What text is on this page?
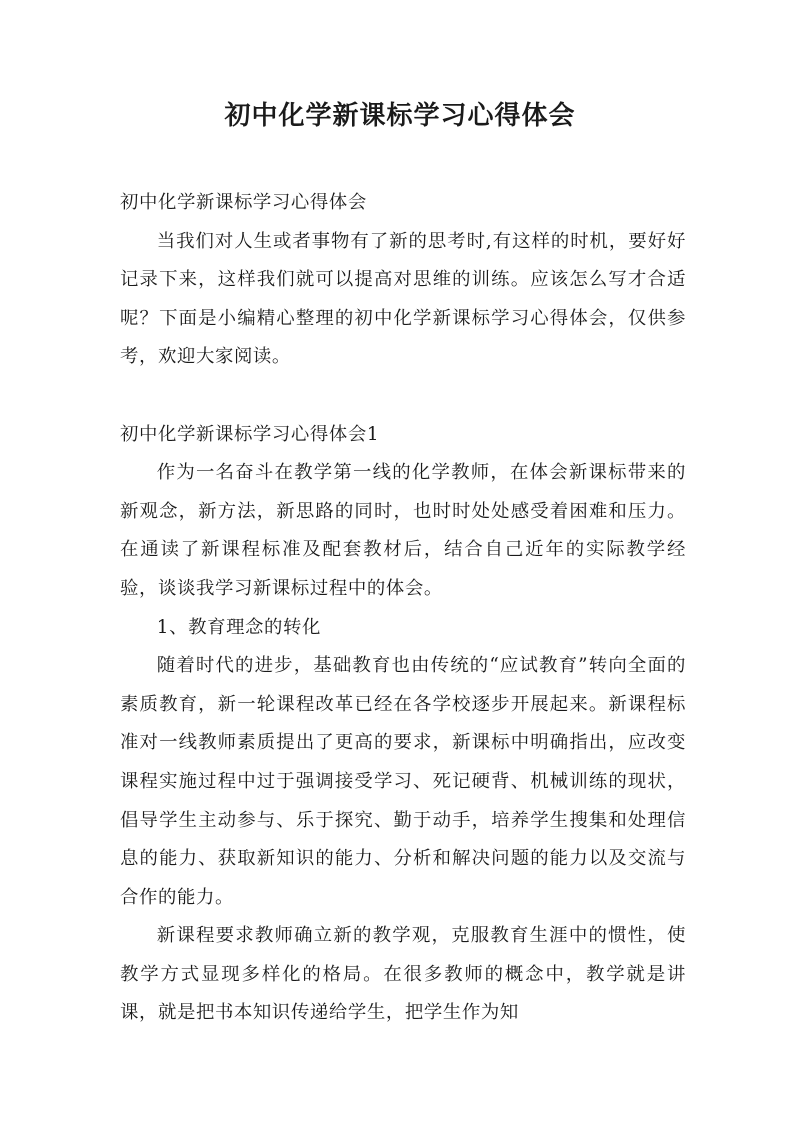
初中化学新课标学习心得体会

初中化学新课标学习心得体会

当我们对人生或者事物有了新的思考时,有这样的时机，要好好记录下来，这样我们就可以提高对思维的训练。应该怎么写才合适呢？下面是小编精心整理的初中化学新课标学习心得体会，仅供参考，欢迎大家阅读。

初中化学新课标学习心得体会1

作为一名奋斗在教学第一线的化学教师，在体会新课标带来的新观念，新方法，新思路的同时，也时时处处感受着困难和压力。在通读了新课程标准及配套教材后，结合自己近年的实际教学经验，谈谈我学习新课标过程中的体会。

1、教育理念的转化

随着时代的进步，基础教育也由传统的“应试教育”转向全面的素质教育，新一轮课程改革已经在各学校逐步开展起来。新课程标准对一线教师素质提出了更高的要求，新课标中明确指出，应改变课程实施过程中过于强调接受学习、死记硬背、机械训练的现状，倡导学生主动参与、乐于探究、勤于动手，培养学生搜集和处理信息的能力、获取新知识的能力、分析和解决问题的能力以及交流与合作的能力。

新课程要求教师确立新的教学观，克服教育生涯中的惯性，使教学方式显现多样化的格局。在很多教师的概念中，教学就是讲课，就是把书本知识传递给学生，把学生作为知
